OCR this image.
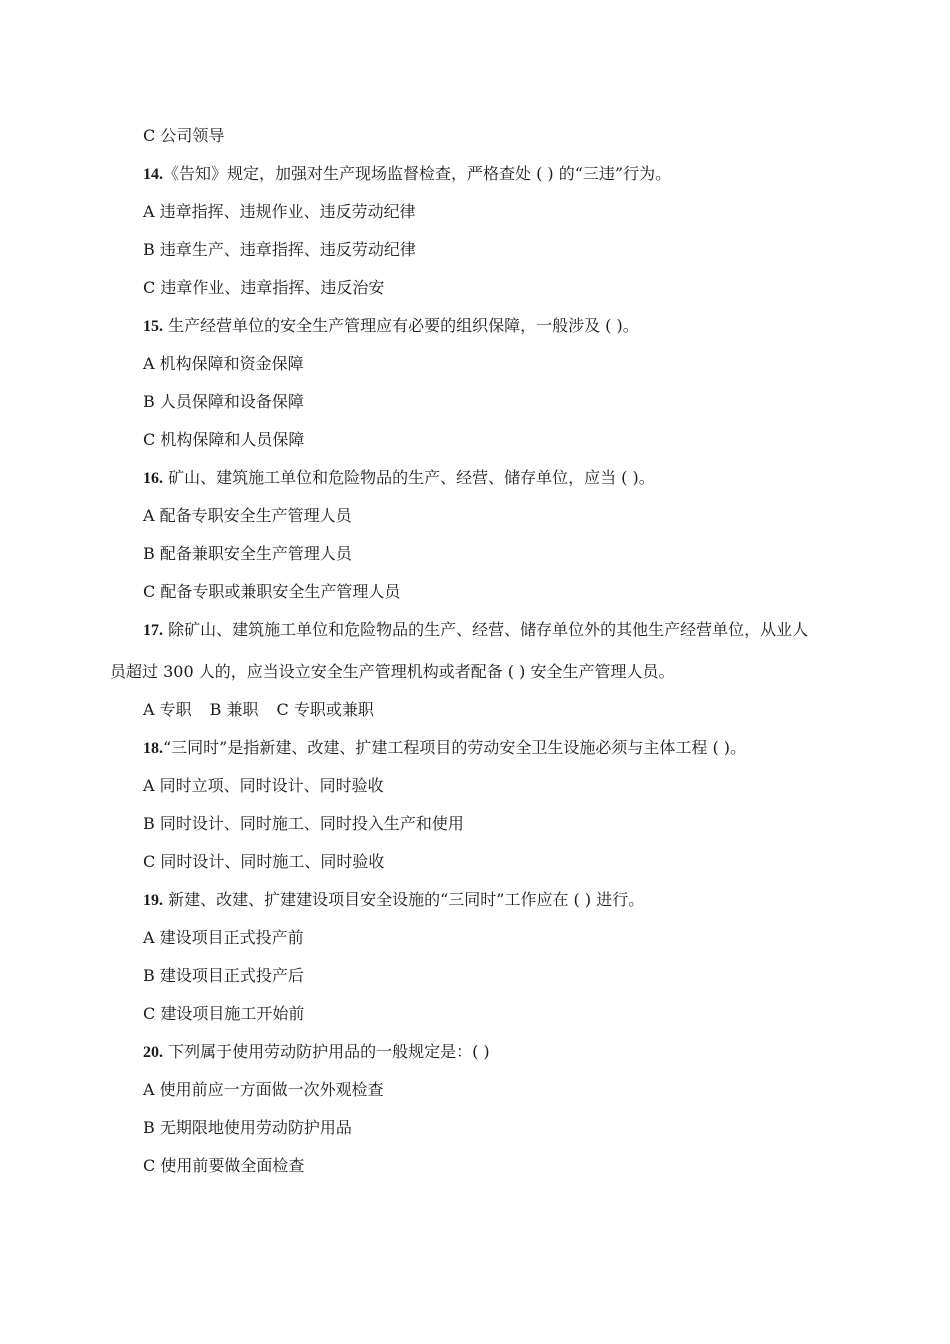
C 公司领导
14.《告知》规定，加强对生产现场监督检查，严格查处 ( ) 的“三违”行为。
A 违章指挥、违规作业、违反劳动纪律
B 违章生产、违章指挥、违反劳动纪律
C 违章作业、违章指挥、违反治安
15. 生产经营单位的安全生产管理应有必要的组织保障，一般涉及 ( )。
A 机构保障和资金保障
B 人员保障和设备保障
C 机构保障和人员保障
16. 矿山、建筑施工单位和危险物品的生产、经营、储存单位，应当 ( )。
A 配备专职安全生产管理人员
B 配备兼职安全生产管理人员
C 配备专职或兼职安全生产管理人员
17. 除矿山、建筑施工单位和危险物品的生产、经营、储存单位外的其他生产经营单位，从业人
员超过 300 人的，应当设立安全生产管理机构或者配备 ( ) 安全生产管理人员。
A 专职 B 兼职 C 专职或兼职
18.“三同时”是指新建、改建、扩建工程项目的劳动安全卫生设施必须与主体工程 ( )。
A 同时立项、同时设计、同时验收
B 同时设计、同时施工、同时投入生产和使用
C 同时设计、同时施工、同时验收
19. 新建、改建、扩建建设项目安全设施的“三同时”工作应在 ( ) 进行。
A 建设项目正式投产前
B 建设项目正式投产后
C 建设项目施工开始前
20. 下列属于使用劳动防护用品的一般规定是：( )
A 使用前应一方面做一次外观检查
B 无期限地使用劳动防护用品
C 使用前要做全面检查
